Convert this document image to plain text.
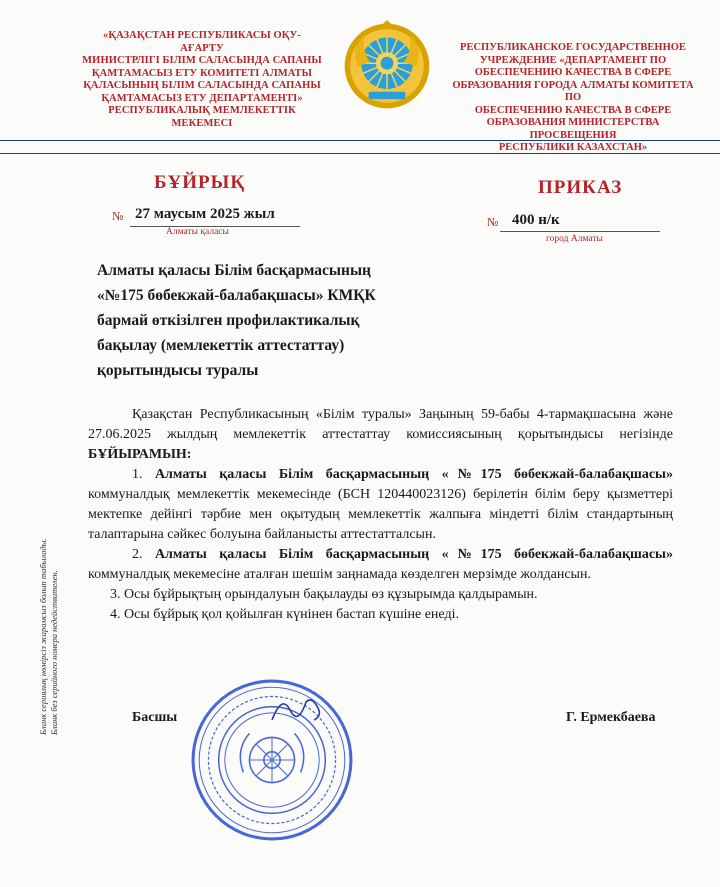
«ҚАЗАҚСТАН РЕСПУБЛИКАСЫ ОҚУ-АҒАРТУ
МИНИСТРЛІГІ БІЛІМ САЛАСЫНДА САПАНЫ
ҚАМТАМАСЫЗ ЕТУ КОМИТЕТІ АЛМАТЫ
ҚАЛАСЫНЫҢ БІЛІМ САЛАСЫНДА САПАНЫ
ҚАМТАМАСЫЗ ЕТУ ДЕПАРТАМЕНТІ»
РЕСПУБЛИКАЛЫҚ МЕМЛЕКЕТТІК
МЕКЕМЕСІ
РЕСПУБЛИКАНСКОЕ ГОСУДАРСТВЕННОЕ
УЧРЕЖДЕНИЕ «ДЕПАРТАМЕНТ ПО
ОБЕСПЕЧЕНИЮ КАЧЕСТВА В СФЕРЕ
ОБРАЗОВАНИЯ ГОРОДА АЛМАТЫ КОМИТЕТА ПО
ОБЕСПЕЧЕНИЮ КАЧЕСТВА В СФЕРЕ
ОБРАЗОВАНИЯ МИНИСТЕРСТВА ПРОСВЕЩЕНИЯ
РЕСПУБЛИКИ КАЗАХСТАН»
БҰЙРЫҚ	ПРИКАЗ
№ 27 маусым 2025 жыл
Алматы қаласы
№ 400 н/к
город Алматы
Алматы қаласы Білім басқармасының
«№175 бөбекжай-балабақшасы» КМҚК
бармай өткізілген профилактикалық
бақылау (мемлекеттік аттестаттау)
қорытындысы туралы

Қазақстан Республикасының «Білім туралы» Заңының 59-бабы 4-тармақшасына және 27.06.2025 жылдың мемлекеттік аттестаттау комиссиясының қорытындысы негізінде БҰЙЫРАМЫН:

1. Алматы қаласы Білім басқармасының «№175 бөбекжай-балабақшасы» коммуналдық мемлекеттік мекемесінде (БСН 120440023126) берілетін білім беру қызметтері мектепке дейінгі тәрбие мен оқытудың мемлекеттік жалпыға міндетті білім стандартының талаптарына сәйкес болуына байланысты аттестатталсын.

2. Алматы қаласы Білім басқармасының «№175 бөбекжай-балабақшасы» коммуналдық мекемесіне аталған шешім заңнамада көзделген мерзімде жолдансын.

3. Осы бұйрықтың орындалуын бақылауды өз құзырымда қалдырамын.

4. Осы бұйрық қол қойылған күнінен бастап күшіне енеді.

Басшы	Г. Ермекбаева
Бланк сериялық нөмірсіз жарамсыз болып табылады. Бланк без серийного номера недействителен.
